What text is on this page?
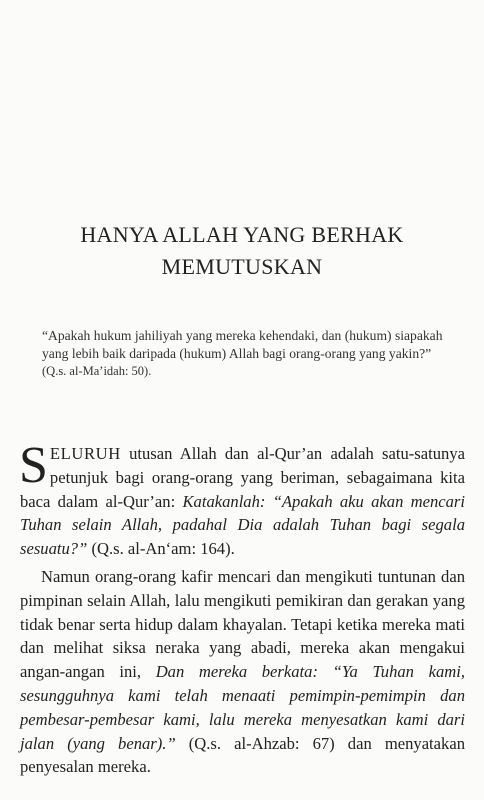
HANYA ALLAH YANG BERHAK
MEMUTUSKAN

“Apakah hukum jahiliyah yang mereka kehendaki, dan (hukum) siapakah yang lebih baik daripada (hukum) Allah bagi orang-orang yang yakin?” (Q.s. al-Ma’idah: 50).

SELURUH utusan Allah dan al-Qur’an adalah satu-satunya petunjuk bagi orang-orang yang beriman, sebagaimana kita baca dalam al-Qur’an: Katakanlah: “Apakah aku akan mencari Tuhan selain Allah, padahal Dia adalah Tuhan bagi segala sesuatu?” (Q.s. al-An‘am: 164).

Namun orang-orang kafir mencari dan mengikuti tuntunan dan pimpinan selain Allah, lalu mengikuti pemikiran dan gerakan yang tidak benar serta hidup dalam khayalan. Tetapi ketika mereka mati dan melihat siksa neraka yang abadi, mereka akan mengakui angan-angan ini, Dan mereka berkata: “Ya Tuhan kami, sesungguhnya kami telah menaati pemimpin-pemimpin dan pembesar-pembesar kami, lalu mereka menyesatkan kami dari jalan (yang benar).” (Q.s. al-Ahzab: 67) dan menyatakan penyesalan mereka.
